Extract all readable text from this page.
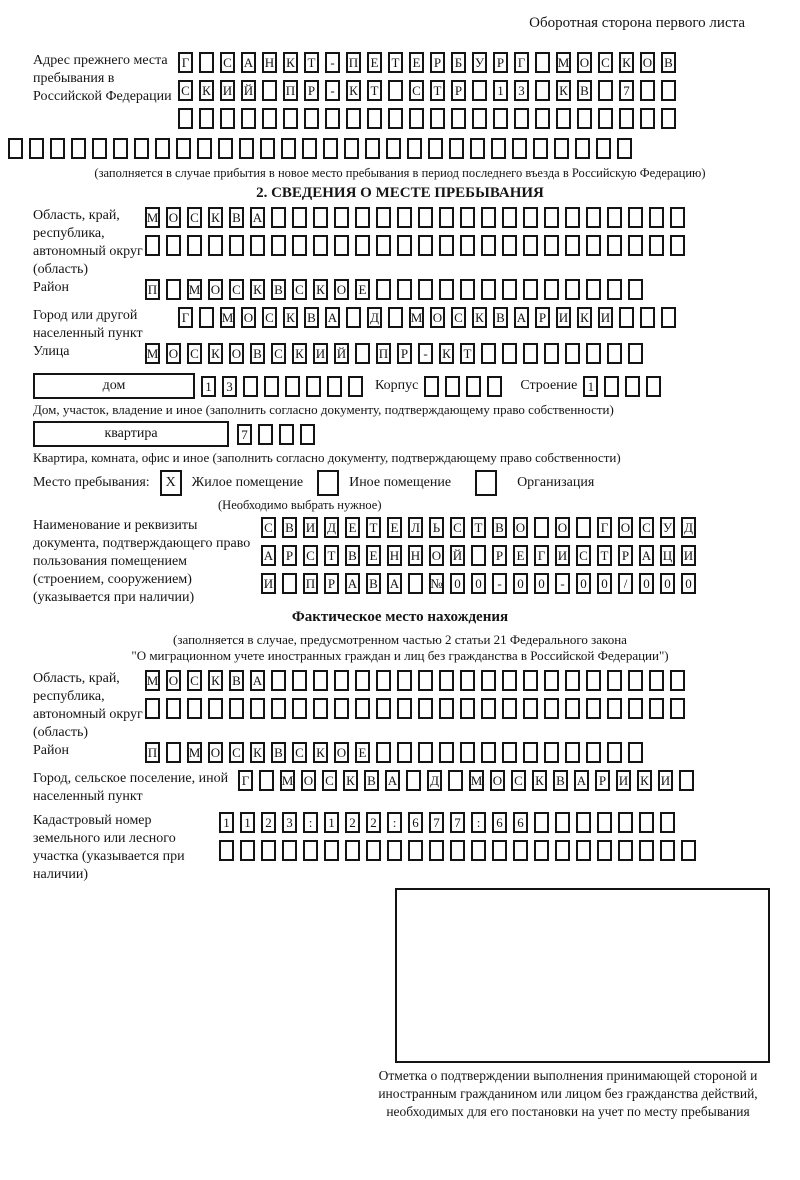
Оборотная сторона первого листа
Адрес прежнего места пребывания в Российской Федерации
Г	С А Н К Т	-	П Е Т Е Р Б У Р Г М О С К О В
С К И Й	П Р	-	К Т	С Т Р	1	3	К В	7
(заполняется в случае прибытия в новое место пребывания в период последнего въезда в Российскую Федерацию)
2. СВЕДЕНИЯ О МЕСТЕ ПРЕБЫВАНИЯ
Область, край, республика, автономный округ (область)
М О С К В А
Район	П М О С К В С К О Е
Город или другой населенный пункт
Г М О С К В А	Д М О С К В А Р И К И
Улица	М О С К О В С К И Й	П Р	-	К Т
дом	1	3	Корпус	Строение 1
Дом, участок, владение и иное (заполнить согласно документу, подтверждающему право собственности)
квартира	7
Квартира, комната, офис и иное (заполнить согласно документу, подтверждающему право собственности)
Место пребывания:	X	Жилое помещение	Иное помещение	Организация
(Необходимо выбрать нужное)
Наименование и реквизиты документа, подтверждающего право пользования помещением (строением, сооружением) (указывается при наличии)
С В И Д Е Т Е Л Ь С Т В О	О	Г О С У Д
А Р С Т В Е Н Н О Й	Р Е Г И С Т Р А Ц И
И	П Р А В А № 0	0	-	0	0	-	0	0	/	0	0	0
Фактическое место нахождения
(заполняется в случае, предусмотренном частью 2 статьи 21 Федерального закона
"О миграционном учете иностранных граждан и лиц без гражданства в Российской Федерации")
Область, край, республика, автономный округ (область)
М О С К В А
Район	П М О С К В С К О Е
Город, сельское поселение, иной населенный пункт
Г М О С К В А	Д М О С К В А Р И К И
Кадастровый номер земельного или лесного участка (указывается при наличии)
1	1	2	3	:	1	2	2	:	6	7	7	:	6	6
Отметка о подтверждении выполнения принимающей стороной и иностранным гражданином или лицом без гражданства действий, необходимых для его постановки на учет по месту пребывания
